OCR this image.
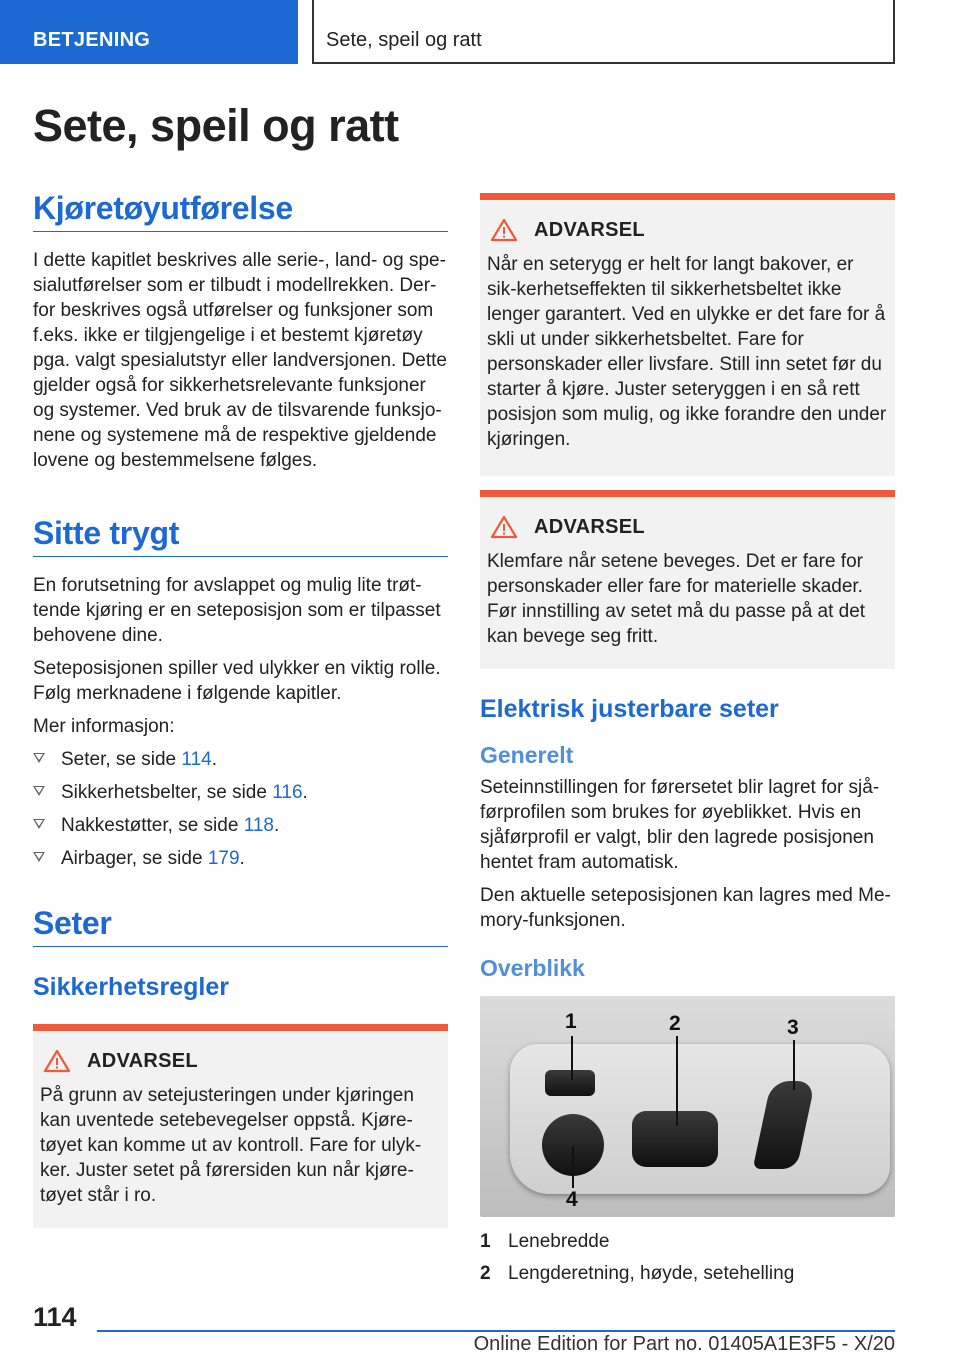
BETJENING	Sete, speil og ratt
Sete, speil og ratt
Kjøretøyutførelse

I dette kapitlet beskrives alle serie-, land- og spe-sialutførelser som er tilbudt i modellrekken. Der-for beskrives også utførelser og funksjoner som f.eks. ikke er tilgjengelige i et bestemt kjøretøy pga. valgt spesialutstyr eller landversjonen. Dette gjelder også for sikkerhetsrelevante funksjoner og systemer. Ved bruk av de tilsvarende funksjo-nene og systemene må de respektive gjeldende lovene og bestemmelsene følges.

Sitte trygt

En forutsetning for avslappet og mulig lite trøt-tende kjøring er en seteposisjon som er tilpasset behovene dine.

Seteposisjonen spiller ved ulykker en viktig rolle. Følg merknadene i følgende kapitler.

Mer informasjon:

Seter, se side 114.
Sikkerhetsbelter, se side 116.
Nakkestøtter, se side 118.
Airbager, se side 179.
Seter
Sikkerhetsregler
ADVARSEL

På grunn av setejusteringen under kjøringen kan uventede setebevegelser oppstå. Kjøre-tøyet kan komme ut av kontroll. Fare for ulyk-ker. Juster setet på førersiden kun når kjøre-tøyet står i ro.

ADVARSEL

Når en seterygg er helt for langt bakover, er sik-kerhetseffekten til sikkerhetsbeltet ikke lenger garantert. Ved en ulykke er det fare for å skli ut under sikkerhetsbeltet. Fare for personskader eller livsfare. Still inn setet før du starter å kjøre. Juster seteryggen i en så rett posisjon som mulig, og ikke forandre den under kjøringen.

ADVARSEL

Klemfare når setene beveges. Det er fare for personskader eller fare for materielle skader. Før innstilling av setet må du passe på at det kan bevege seg fritt.

Elektrisk justerbare seter
Generelt

Seteinnstillingen for førersetet blir lagret for sjå-førprofilen som brukes for øyeblikket. Hvis en sjåførprofil er valgt, blir den lagrede posisjonen hentet fram automatisk.

Den aktuelle seteposisjonen kan lagres med Me-mory-funksjonen.

Overblikk
1	2	3
4
1 Lenebredde
2 Lengderetning, høyde, setehelling
114
Online Edition for Part no. 01405A1E3F5 - X/20
